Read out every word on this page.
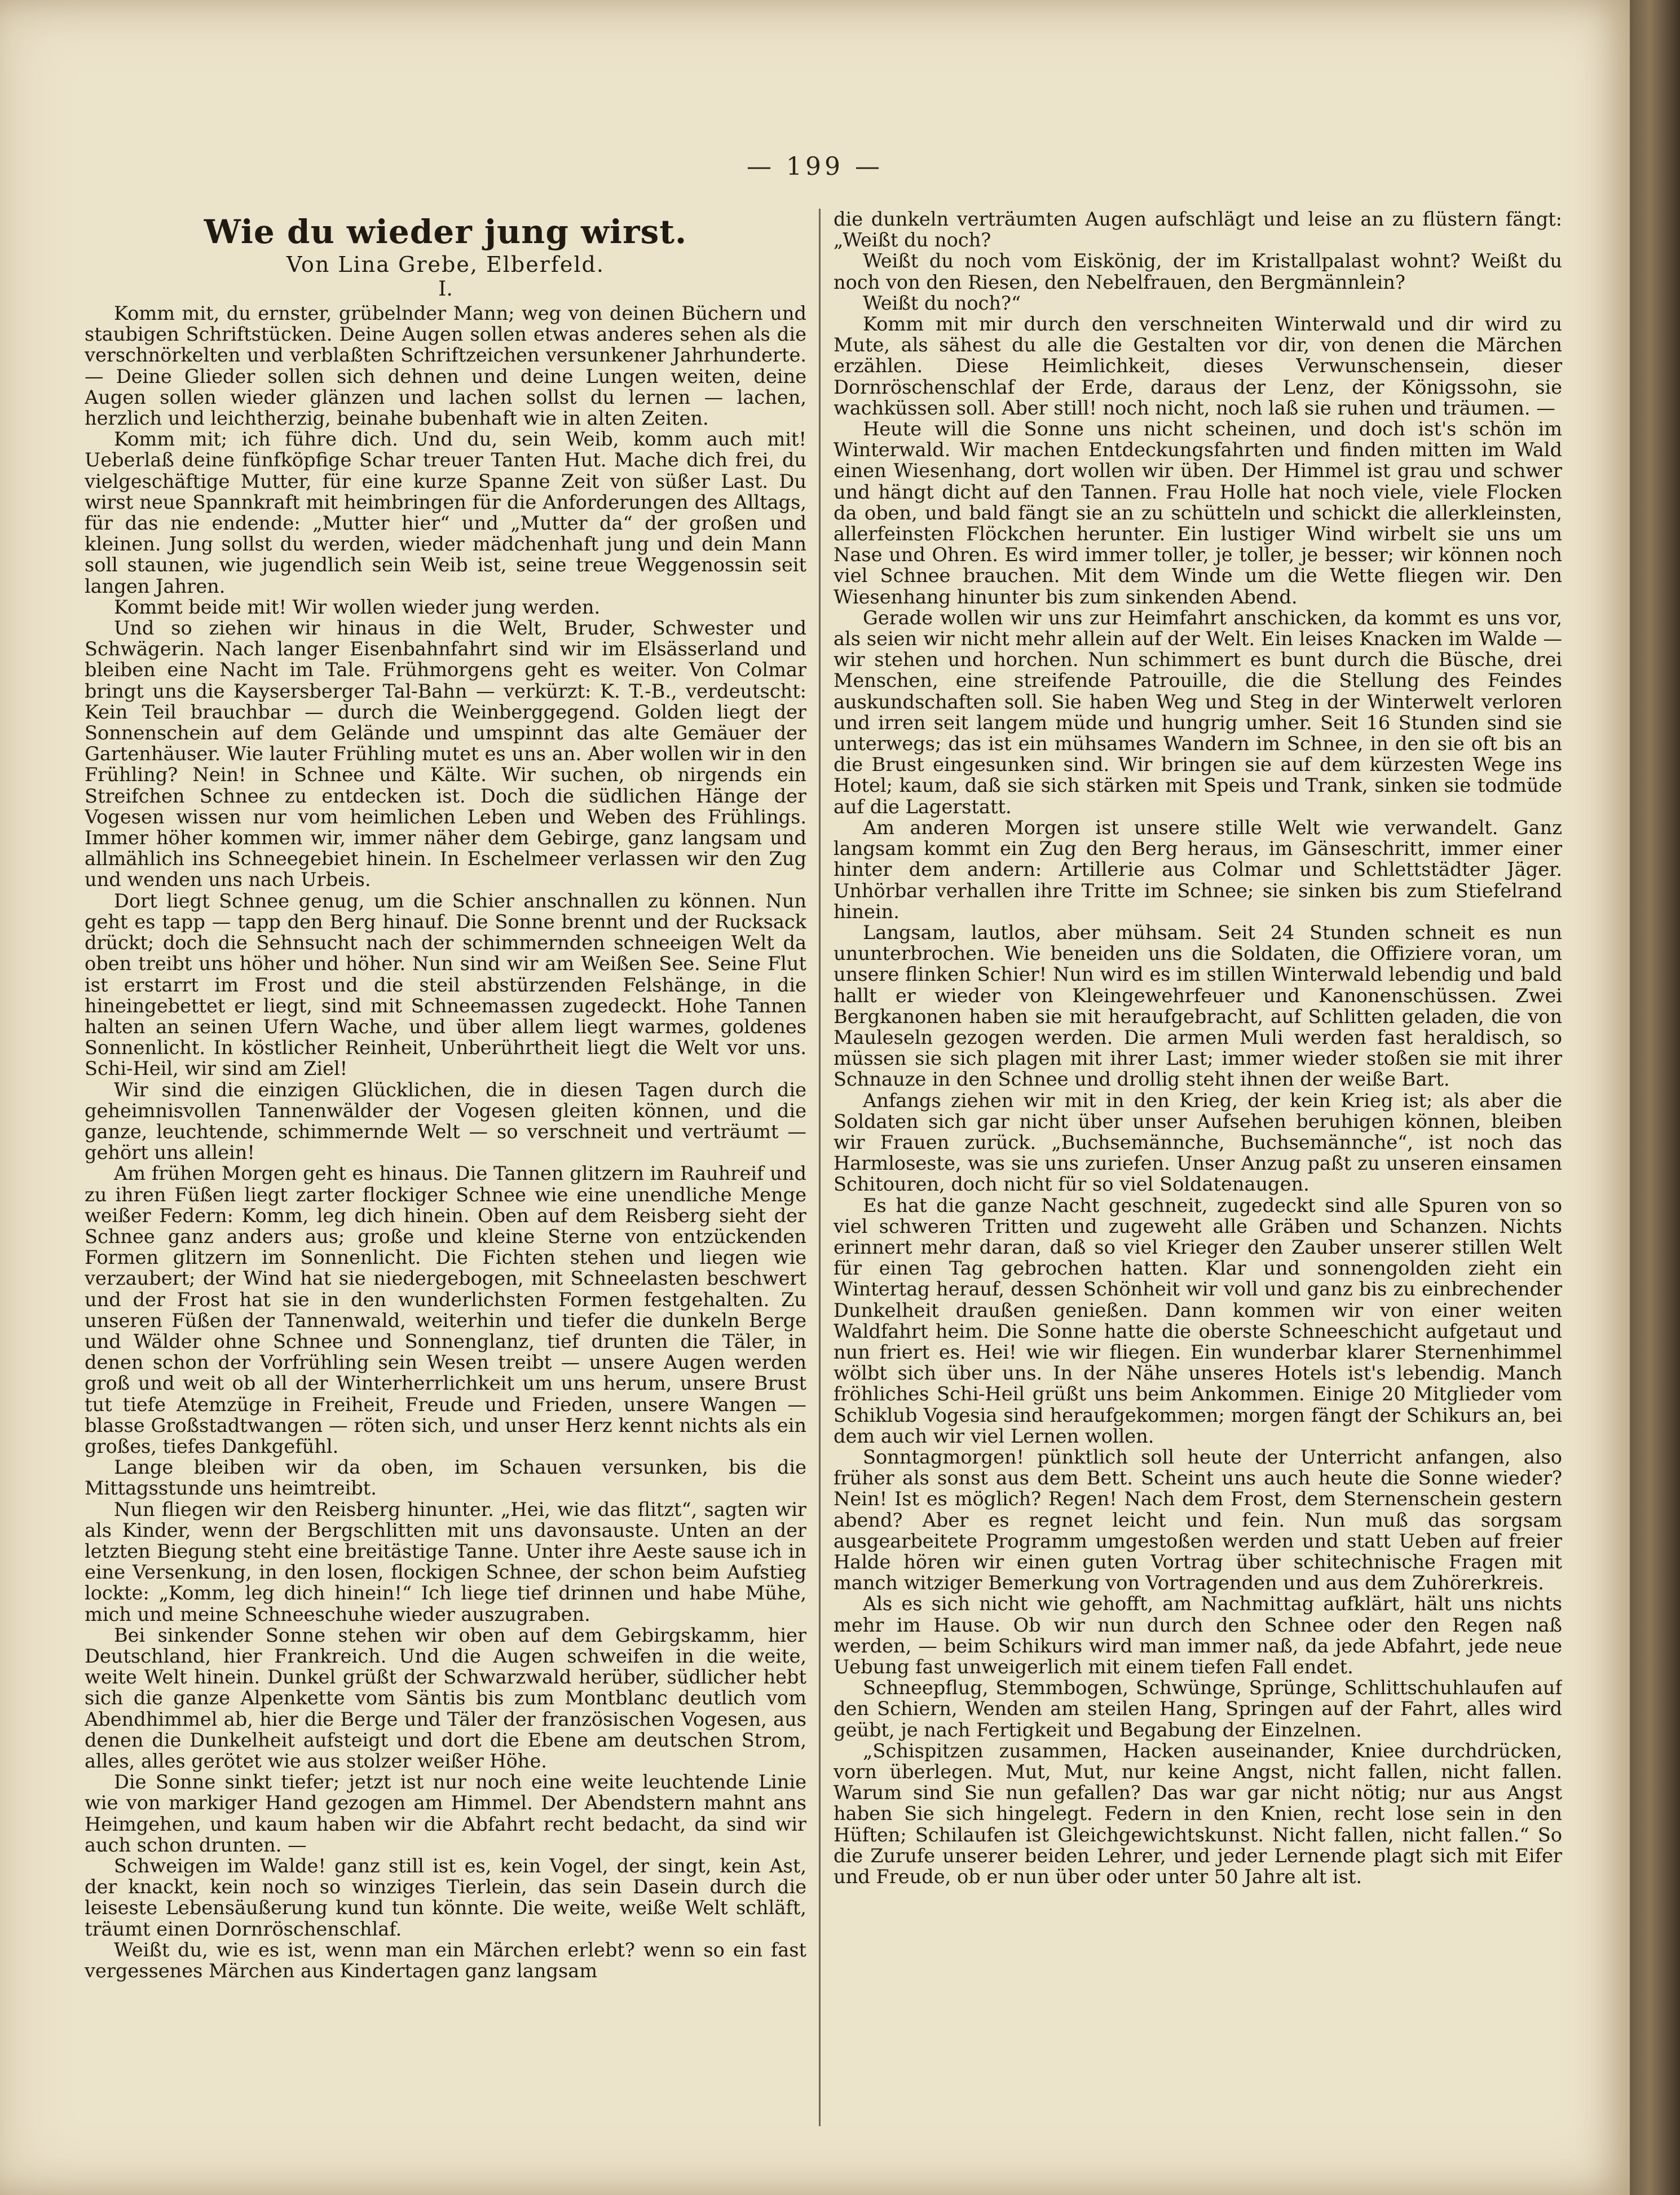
— 199 —
Wie du wieder jung wirst.
Von Lina Grebe, Elberfeld.
I.

Komm mit, du ernster, grübelnder Mann; weg von deinen Büchern und staubigen Schriftstücken. Deine Augen sollen etwas anderes sehen als die verschnörkelten und verblaßten Schriftzeichen versunkener Jahrhunderte. — Deine Glieder sollen sich dehnen und deine Lungen weiten, deine Augen sollen wieder glänzen und lachen sollst du lernen — lachen, herzlich und leichtherzig, beinahe bubenhaft wie in alten Zeiten.

Komm mit; ich führe dich. Und du, sein Weib, komm auch mit! Ueberlaß deine fünfköpfige Schar treuer Tanten Hut. Mache dich frei, du vielgeschäftige Mutter, für eine kurze Spanne Zeit von süßer Last. Du wirst neue Spannkraft mit heimbringen für die Anforderungen des Alltags, für das nie endende: „Mutter hier“ und „Mutter da“ der großen und kleinen. Jung sollst du werden, wieder mädchenhaft jung und dein Mann soll staunen, wie jugendlich sein Weib ist, seine treue Weggenossin seit langen Jahren.

Kommt beide mit! Wir wollen wieder jung werden.

Und so ziehen wir hinaus in die Welt, Bruder, Schwester und Schwägerin. Nach langer Eisenbahnfahrt sind wir im Elsässerland und bleiben eine Nacht im Tale. Frühmorgens geht es weiter. Von Colmar bringt uns die Kaysersberger Tal-Bahn — verkürzt: K. T.-B., verdeutscht: Kein Teil brauchbar — durch die Weinberggegend. Golden liegt der Sonnenschein auf dem Gelände und umspinnt das alte Gemäuer der Gartenhäuser. Wie lauter Frühling mutet es uns an. Aber wollen wir in den Frühling? Nein! in Schnee und Kälte. Wir suchen, ob nirgends ein Streifchen Schnee zu entdecken ist. Doch die südlichen Hänge der Vogesen wissen nur vom heimlichen Leben und Weben des Frühlings. Immer höher kommen wir, immer näher dem Gebirge, ganz langsam und allmählich ins Schneegebiet hinein. In Eschelmeer verlassen wir den Zug und wenden uns nach Urbeis.

Dort liegt Schnee genug, um die Schier anschnallen zu können. Nun geht es tapp — tapp den Berg hinauf. Die Sonne brennt und der Rucksack drückt; doch die Sehnsucht nach der schimmernden schneeigen Welt da oben treibt uns höher und höher. Nun sind wir am Weißen See. Seine Flut ist erstarrt im Frost und die steil abstürzenden Felshänge, in die hineingebettet er liegt, sind mit Schneemassen zugedeckt. Hohe Tannen halten an seinen Ufern Wache, und über allem liegt warmes, goldenes Sonnenlicht. In köstlicher Reinheit, Unberührtheit liegt die Welt vor uns. Schi-Heil, wir sind am Ziel!

Wir sind die einzigen Glücklichen, die in diesen Tagen durch die geheimnisvollen Tannenwälder der Vogesen gleiten können, und die ganze, leuchtende, schimmernde Welt — so verschneit und verträumt — gehört uns allein!

Am frühen Morgen geht es hinaus. Die Tannen glitzern im Rauhreif und zu ihren Füßen liegt zarter flockiger Schnee wie eine unendliche Menge weißer Federn: Komm, leg dich hinein. Oben auf dem Reisberg sieht der Schnee ganz anders aus; große und kleine Sterne von entzückenden Formen glitzern im Sonnenlicht. Die Fichten stehen und liegen wie verzaubert; der Wind hat sie niedergebogen, mit Schneelasten beschwert und der Frost hat sie in den wunderlichsten Formen festgehalten. Zu unseren Füßen der Tannenwald, weiterhin und tiefer die dunkeln Berge und Wälder ohne Schnee und Sonnenglanz, tief drunten die Täler, in denen schon der Vorfrühling sein Wesen treibt — unsere Augen werden groß und weit ob all der Winterherrlichkeit um uns herum, unsere Brust tut tiefe Atemzüge in Freiheit, Freude und Frieden, unsere Wangen — blasse Großstadtwangen — röten sich, und unser Herz kennt nichts als ein großes, tiefes Dankgefühl.

Lange bleiben wir da oben, im Schauen versunken, bis die Mittagsstunde uns heimtreibt.

Nun fliegen wir den Reisberg hinunter. „Hei, wie das flitzt“, sagten wir als Kinder, wenn der Bergschlitten mit uns davonsauste. Unten an der letzten Biegung steht eine breitästige Tanne. Unter ihre Aeste sause ich in eine Versenkung, in den losen, flockigen Schnee, der schon beim Aufstieg lockte: „Komm, leg dich hinein!“ Ich liege tief drinnen und habe Mühe, mich und meine Schneeschuhe wieder auszugraben.

Bei sinkender Sonne stehen wir oben auf dem Gebirgskamm, hier Deutschland, hier Frankreich. Und die Augen schweifen in die weite, weite Welt hinein. Dunkel grüßt der Schwarzwald herüber, südlicher hebt sich die ganze Alpenkette vom Säntis bis zum Montblanc deutlich vom Abendhimmel ab, hier die Berge und Täler der französischen Vogesen, aus denen die Dunkelheit aufsteigt und dort die Ebene am deutschen Strom, alles, alles gerötet wie aus stolzer weißer Höhe.

Die Sonne sinkt tiefer; jetzt ist nur noch eine weite leuchtende Linie wie von markiger Hand gezogen am Himmel. Der Abendstern mahnt ans Heimgehen, und kaum haben wir die Abfahrt recht bedacht, da sind wir auch schon drunten. —

Schweigen im Walde! ganz still ist es, kein Vogel, der singt, kein Ast, der knackt, kein noch so winziges Tierlein, das sein Dasein durch die leiseste Lebensäußerung kund tun könnte. Die weite, weiße Welt schläft, träumt einen Dornröschenschlaf.

Weißt du, wie es ist, wenn man ein Märchen erlebt? wenn so ein fast vergessenes Märchen aus Kindertagen ganz langsam

die dunkeln verträumten Augen aufschlägt und leise an zu flüstern fängt: „Weißt du noch?

Weißt du noch vom Eiskönig, der im Kristallpalast wohnt? Weißt du noch von den Riesen, den Nebelfrauen, den Bergmännlein?

Weißt du noch?“

Komm mit mir durch den verschneiten Winterwald und dir wird zu Mute, als sähest du alle die Gestalten vor dir, von denen die Märchen erzählen. Diese Heimlichkeit, dieses Verwunschensein, dieser Dornröschenschlaf der Erde, daraus der Lenz, der Königssohn, sie wachküssen soll. Aber still! noch nicht, noch laß sie ruhen und träumen. —

Heute will die Sonne uns nicht scheinen, und doch ist's schön im Winterwald. Wir machen Entdeckungsfahrten und finden mitten im Wald einen Wiesenhang, dort wollen wir üben. Der Himmel ist grau und schwer und hängt dicht auf den Tannen. Frau Holle hat noch viele, viele Flocken da oben, und bald fängt sie an zu schütteln und schickt die allerkleinsten, allerfeinsten Flöckchen herunter. Ein lustiger Wind wirbelt sie uns um Nase und Ohren. Es wird immer toller, je toller, je besser; wir können noch viel Schnee brauchen. Mit dem Winde um die Wette fliegen wir. Den Wiesenhang hinunter bis zum sinkenden Abend.

Gerade wollen wir uns zur Heimfahrt anschicken, da kommt es uns vor, als seien wir nicht mehr allein auf der Welt. Ein leises Knacken im Walde — wir stehen und horchen. Nun schimmert es bunt durch die Büsche, drei Menschen, eine streifende Patrouille, die die Stellung des Feindes auskundschaften soll. Sie haben Weg und Steg in der Winterwelt verloren und irren seit langem müde und hungrig umher. Seit 16 Stunden sind sie unterwegs; das ist ein mühsames Wandern im Schnee, in den sie oft bis an die Brust eingesunken sind. Wir bringen sie auf dem kürzesten Wege ins Hotel; kaum, daß sie sich stärken mit Speis und Trank, sinken sie todmüde auf die Lagerstatt.

Am anderen Morgen ist unsere stille Welt wie verwandelt. Ganz langsam kommt ein Zug den Berg heraus, im Gänseschritt, immer einer hinter dem andern: Artillerie aus Colmar und Schlettstädter Jäger. Unhörbar verhallen ihre Tritte im Schnee; sie sinken bis zum Stiefelrand hinein.

Langsam, lautlos, aber mühsam. Seit 24 Stunden schneit es nun ununterbrochen. Wie beneiden uns die Soldaten, die Offiziere voran, um unsere flinken Schier! Nun wird es im stillen Winterwald lebendig und bald hallt er wieder von Kleingewehrfeuer und Kanonenschüssen. Zwei Bergkanonen haben sie mit heraufgebracht, auf Schlitten geladen, die von Mauleseln gezogen werden. Die armen Muli werden fast heraldisch, so müssen sie sich plagen mit ihrer Last; immer wieder stoßen sie mit ihrer Schnauze in den Schnee und drollig steht ihnen der weiße Bart.

Anfangs ziehen wir mit in den Krieg, der kein Krieg ist; als aber die Soldaten sich gar nicht über unser Aufsehen beruhigen können, bleiben wir Frauen zurück. „Buchsemännche, Buchsemännche“, ist noch das Harmloseste, was sie uns zuriefen. Unser Anzug paßt zu unseren einsamen Schitouren, doch nicht für so viel Soldatenaugen.

Es hat die ganze Nacht geschneit, zugedeckt sind alle Spuren von so viel schweren Tritten und zugeweht alle Gräben und Schanzen. Nichts erinnert mehr daran, daß so viel Krieger den Zauber unserer stillen Welt für einen Tag gebrochen hatten. Klar und sonnengolden zieht ein Wintertag herauf, dessen Schönheit wir voll und ganz bis zu einbrechender Dunkelheit draußen genießen. Dann kommen wir von einer weiten Waldfahrt heim. Die Sonne hatte die oberste Schneeschicht aufgetaut und nun friert es. Hei! wie wir fliegen. Ein wunderbar klarer Sternenhimmel wölbt sich über uns. In der Nähe unseres Hotels ist's lebendig. Manch fröhliches Schi-Heil grüßt uns beim Ankommen. Einige 20 Mitglieder vom Schiklub Vogesia sind heraufgekommen; morgen fängt der Schikurs an, bei dem auch wir viel Lernen wollen.

Sonntagmorgen! pünktlich soll heute der Unterricht anfangen, also früher als sonst aus dem Bett. Scheint uns auch heute die Sonne wieder? Nein! Ist es möglich? Regen! Nach dem Frost, dem Sternenschein gestern abend? Aber es regnet leicht und fein. Nun muß das sorgsam ausgearbeitete Programm umgestoßen werden und statt Ueben auf freier Halde hören wir einen guten Vortrag über schitechnische Fragen mit manch witziger Bemerkung von Vortragenden und aus dem Zuhörerkreis.

Als es sich nicht wie gehofft, am Nachmittag aufklärt, hält uns nichts mehr im Hause. Ob wir nun durch den Schnee oder den Regen naß werden, — beim Schikurs wird man immer naß, da jede Abfahrt, jede neue Uebung fast unweigerlich mit einem tiefen Fall endet.

Schneepflug, Stemmbogen, Schwünge, Sprünge, Schlittschuhlaufen auf den Schiern, Wenden am steilen Hang, Springen auf der Fahrt, alles wird geübt, je nach Fertigkeit und Begabung der Einzelnen.

„Schispitzen zusammen, Hacken auseinander, Kniee durchdrücken, vorn überlegen. Mut, Mut, nur keine Angst, nicht fallen, nicht fallen. Warum sind Sie nun gefallen? Das war gar nicht nötig; nur aus Angst haben Sie sich hingelegt. Federn in den Knien, recht lose sein in den Hüften; Schilaufen ist Gleichgewichtskunst. Nicht fallen, nicht fallen.“ So die Zurufe unserer beiden Lehrer, und jeder Lernende plagt sich mit Eifer und Freude, ob er nun über oder unter 50 Jahre alt ist.
